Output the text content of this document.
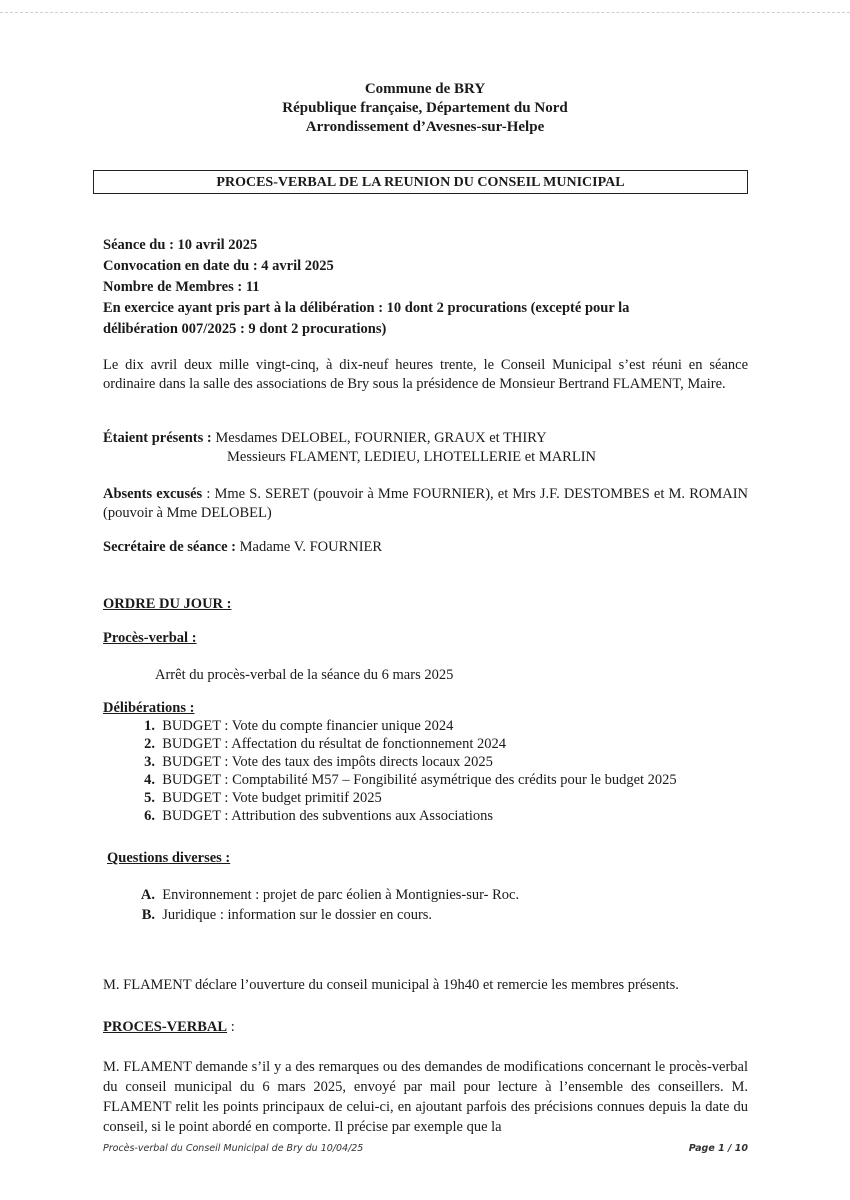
Commune de BRY
République française, Département du Nord
Arrondissement d’Avesnes-sur-Helpe
PROCES-VERBAL DE LA REUNION DU CONSEIL MUNICIPAL
Séance du : 10 avril 2025
Convocation en date du : 4 avril 2025
Nombre de Membres : 11
En exercice ayant pris part à la délibération : 10 dont 2 procurations (excepté pour la
délibération 007/2025 : 9 dont 2 procurations)
Le dix avril deux mille vingt-cinq, à dix-neuf heures trente, le Conseil Municipal s’est réuni en séance ordinaire dans la salle des associations de Bry sous la présidence de Monsieur Bertrand FLAMENT, Maire.
Étaient présents : Mesdames DELOBEL, FOURNIER, GRAUX et THIRY
Messieurs FLAMENT, LEDIEU, LHOTELLERIE et MARLIN
Absents excusés : Mme S. SERET (pouvoir à Mme FOURNIER), et Mrs J.F. DESTOMBES et M. ROMAIN (pouvoir à Mme DELOBEL)
Secrétaire de séance : Madame V. FOURNIER
ORDRE DU JOUR :
Procès-verbal :
Arrêt du procès-verbal de la séance du 6 mars 2025
Délibérations :
1.
BUDGET : Vote du compte financier unique 2024
2.
BUDGET : Affectation du résultat de fonctionnement 2024
3.
BUDGET : Vote des taux des impôts directs locaux 2025
4.
BUDGET : Comptabilité M57 – Fongibilité asymétrique des crédits pour le budget 2025
5.
BUDGET : Vote budget primitif 2025
6.
BUDGET : Attribution des subventions aux Associations
Questions diverses :
A.
Environnement : projet de parc éolien à Montignies-sur- Roc.
B.
Juridique : information sur le dossier en cours.
M. FLAMENT déclare l’ouverture du conseil municipal à 19h40 et remercie les membres présents.
PROCES-VERBAL :
M. FLAMENT demande s’il y a des remarques ou des demandes de modifications concernant le procès-verbal du conseil municipal du 6 mars 2025, envoyé par mail pour lecture à l’ensemble des conseillers. M. FLAMENT relit les points principaux de celui-ci, en ajoutant parfois des précisions connues depuis la date du conseil, si le point abordé en comporte. Il précise par exemple que la
Procès-verbal du Conseil Municipal de Bry du 10/04/25	Page 1 / 10
